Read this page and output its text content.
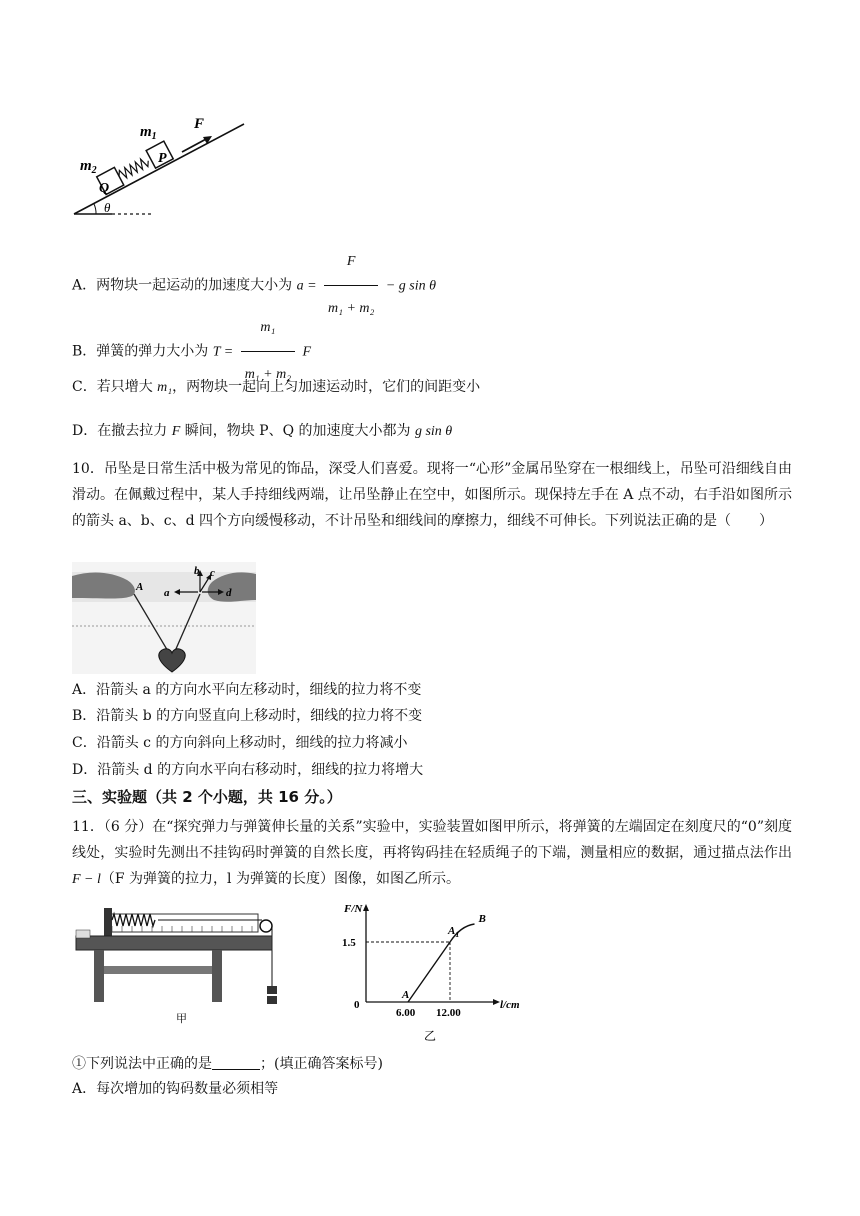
Q
P
$m_2$
$m_1$
F
θ
A．两物块一起运动的加速度大小为 $a = \frac{F}{\text{m₁ + m₂}} - g$ sin θ
B．弹簧的弹力大小为 $T = \frac{\text{m₁}}{\text{m₁ + m₂}}$ F
C．若只增大 m₁，两物块一起向上匀加速运动时，它们的间距变小
D．在撤去拉力 F 瞬间，物块 P、Q 的加速度大小都为 g sin θ
10．吊坠是日常生活中极为常见的饰品，深受人们喜爱。现将一“心形”金属吊坠穿在一根细线上，吊坠可沿细线自由滑动。在佩戴过程中，某人手持细线两端，让吊坠静止在空中，如图所示。现保持左手在 A 点不动，右手沿如图所示的箭头 a、b、c、d 四个方向缓慢移动，不计吊坠和细线间的摩擦力，细线不可伸长。下列说法正确的是（　　）
A a
b c
d
A．沿箭头 a 的方向水平向左移动时，细线的拉力将不变
B．沿箭头 b 的方向竖直向上移动时，细线的拉力将不变
C．沿箭头 c 的方向斜向上移动时，细线的拉力将减小
D．沿箭头 d 的方向水平向右移动时，细线的拉力将增大
三、实验题（共 2 个小题，共 16 分。）
11．（6 分）在“探究弹力与弹簧伸长量的关系”实验中，实验装置如图甲所示，将弹簧的左端固定在刻度尺的“0”刻度线处，实验时先测出不挂钩码时弹簧的自然长度，再将钩码挂在轻质绳子的下端，测量相应的数据，通过描点法作出F − l（F 为弹簧的拉力，l 为弹簧的长度）图像，如图乙所示。
甲
F/N
l/cm
0
1.5
6.00 12.00
A
$A_1$
B
乙
①下列说法中正确的是	；(填正确答案标号)
A．每次增加的钩码数量必须相等
